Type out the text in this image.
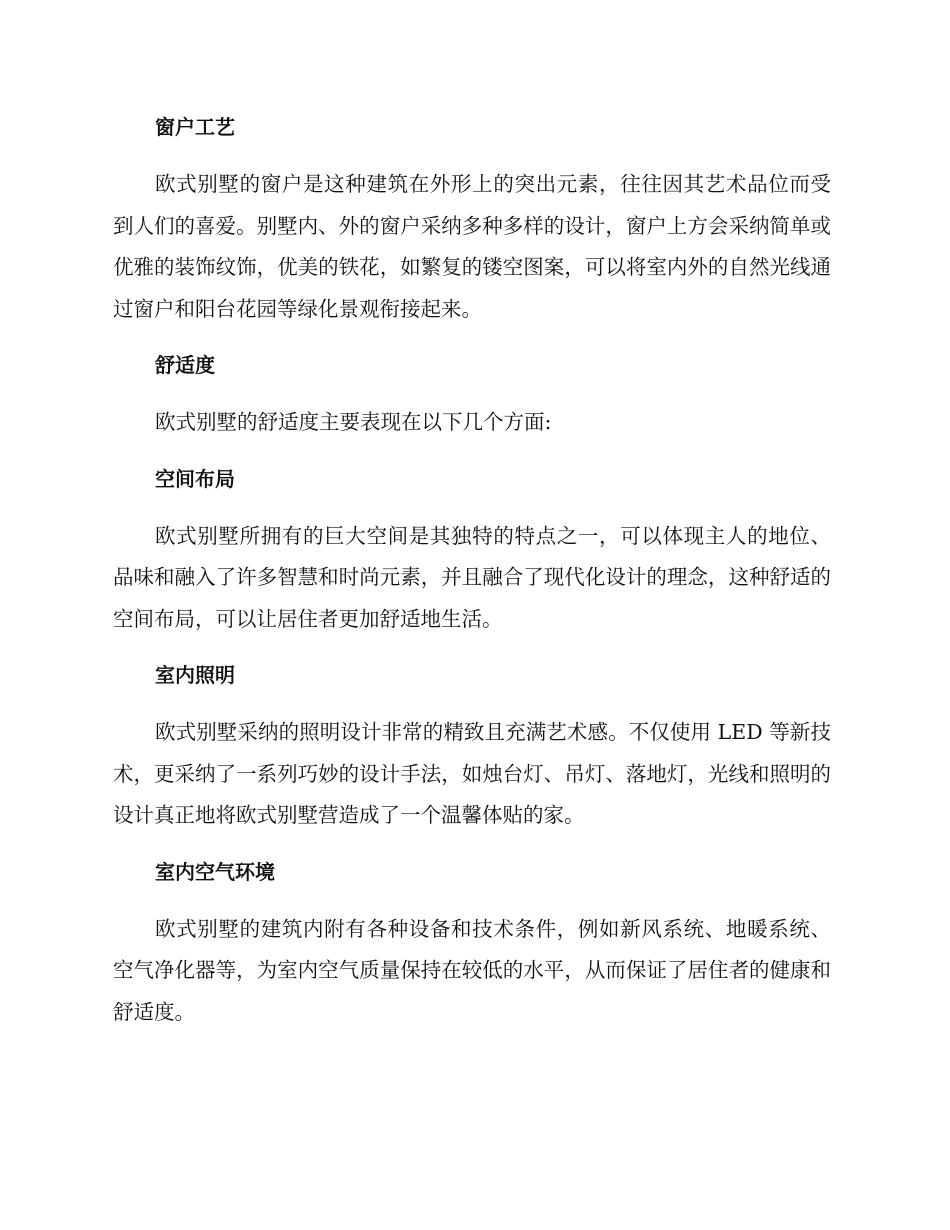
窗户工艺
欧式别墅的窗户是这种建筑在外形上的突出元素，往往因其艺术品位而受到人们的喜爱。别墅内、外的窗户采纳多种多样的设计，窗户上方会采纳简单或优雅的装饰纹饰，优美的铁花，如繁复的镂空图案，可以将室内外的自然光线通过窗户和阳台花园等绿化景观衔接起来。
舒适度
欧式别墅的舒适度主要表现在以下几个方面:
空间布局
欧式别墅所拥有的巨大空间是其独特的特点之一，可以体现主人的地位、品味和融入了许多智慧和时尚元素，并且融合了现代化设计的理念，这种舒适的空间布局，可以让居住者更加舒适地生活。
室内照明
欧式别墅采纳的照明设计非常的精致且充满艺术感。不仅使用 LED 等新技术，更采纳了一系列巧妙的设计手法，如烛台灯、吊灯、落地灯，光线和照明的设计真正地将欧式别墅营造成了一个温馨体贴的家。
室内空气环境
欧式别墅的建筑内附有各种设备和技术条件，例如新风系统、地暖系统、空气净化器等，为室内空气质量保持在较低的水平，从而保证了居住者的健康和舒适度。
